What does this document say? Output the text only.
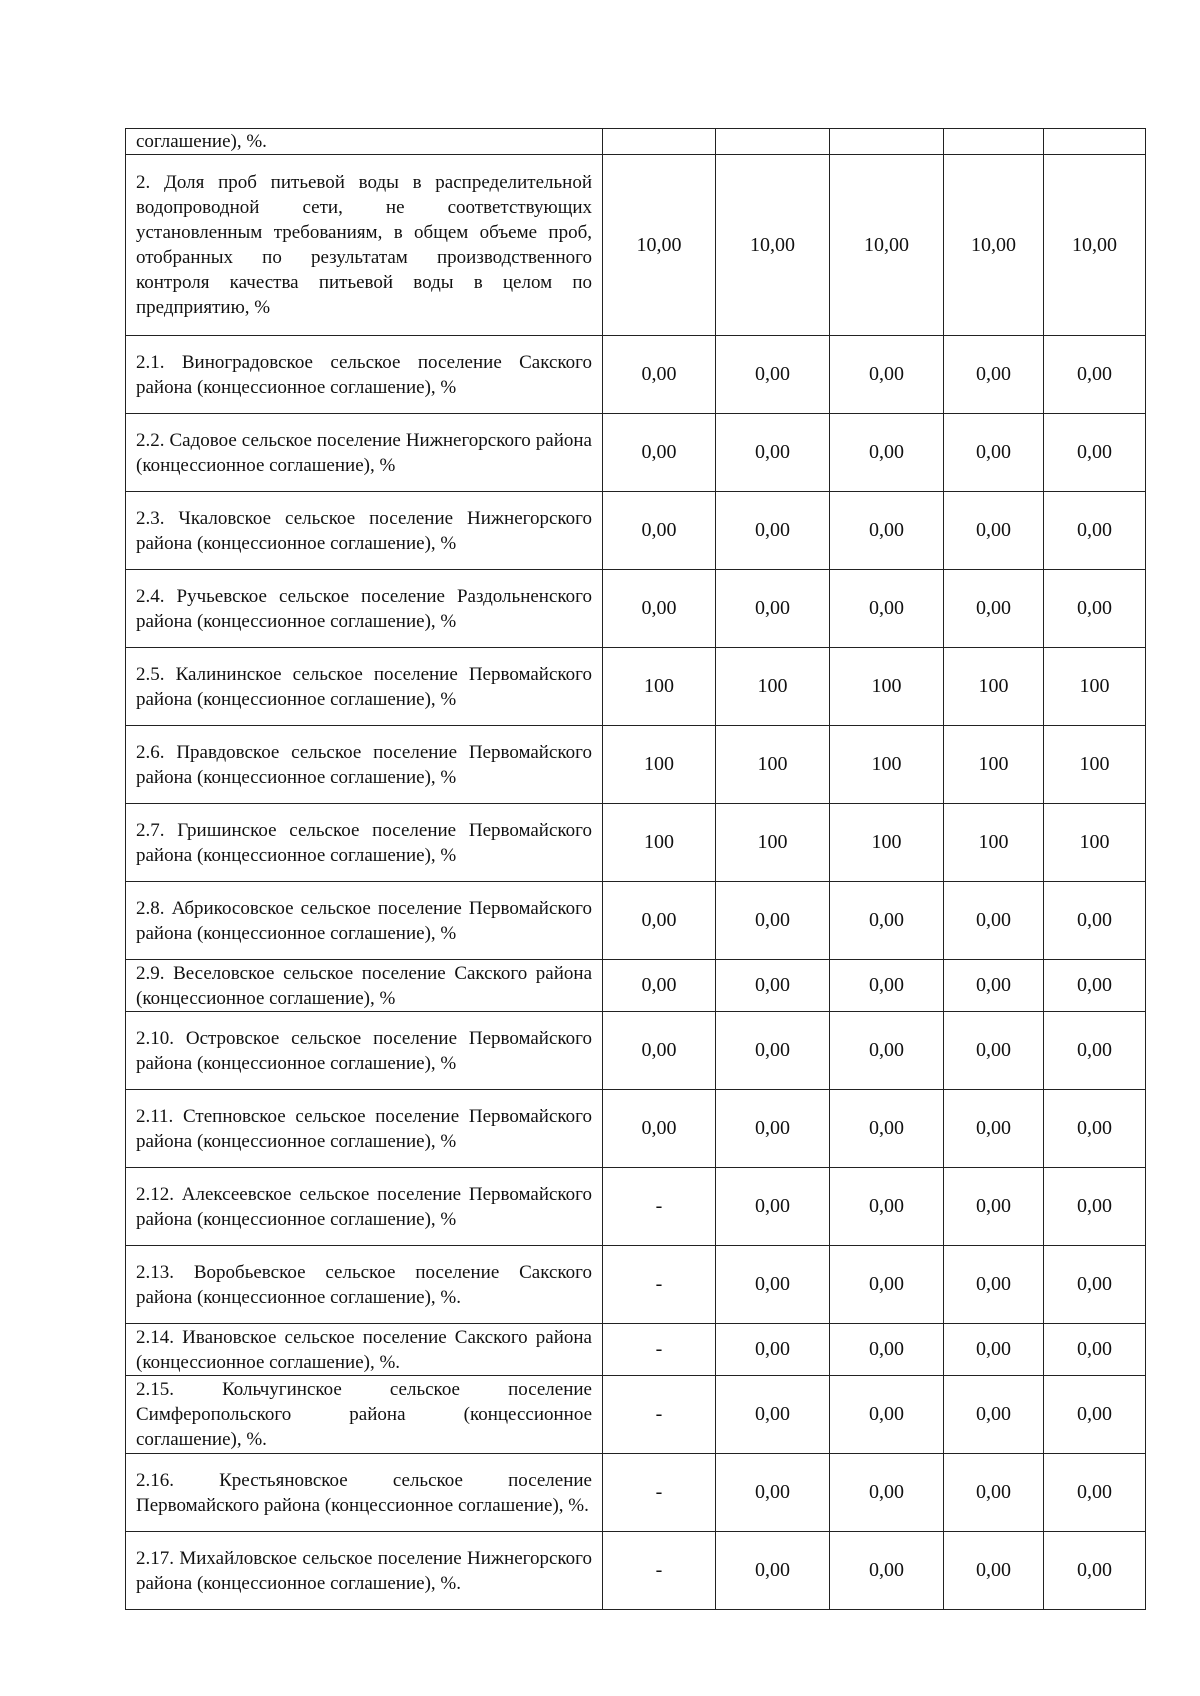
соглашение), %.					
2. Доля проб питьевой воды в распределительной водопроводной сети, не соответствующих установленным требованиям, в общем объеме проб, отобранных по результатам производственного контроля качества питьевой воды в целом по предприятию, %	10,00	10,00	10,00	10,00	10,00
2.1. Виноградовское сельское поселение Сакского района (концессионное соглашение), %	0,00	0,00	0,00	0,00	0,00
2.2. Садовое сельское поселение Нижнегорского района (концессионное соглашение), %	0,00	0,00	0,00	0,00	0,00
2.3. Чкаловское сельское поселение Нижнегорского района (концессионное соглашение), %	0,00	0,00	0,00	0,00	0,00
2.4. Ручьевское сельское поселение Раздольненского района (концессионное соглашение), %	0,00	0,00	0,00	0,00	0,00
2.5. Калининское сельское поселение Первомайского района (концессионное соглашение), %	100	100	100	100	100
2.6. Правдовское сельское поселение Первомайского района (концессионное соглашение), %	100	100	100	100	100
2.7. Гришинское сельское поселение Первомайского района (концессионное соглашение), %	100	100	100	100	100
2.8. Абрикосовское сельское поселение Первомайского района (концессионное соглашение), %	0,00	0,00	0,00	0,00	0,00
2.9. Веселовское сельское поселение Сакского района (концессионное соглашение), %	0,00	0,00	0,00	0,00	0,00
2.10. Островское сельское поселение Первомайского района (концессионное соглашение), %	0,00	0,00	0,00	0,00	0,00
2.11. Степновское сельское поселение Первомайского района (концессионное соглашение), %	0,00	0,00	0,00	0,00	0,00
2.12. Алексеевское сельское поселение Первомайского района (концессионное соглашение), %	-	0,00	0,00	0,00	0,00
2.13. Воробьевское сельское поселение Сакского района (концессионное соглашение), %.	-	0,00	0,00	0,00	0,00
2.14. Ивановское сельское поселение Сакского района (концессионное соглашение), %.	-	0,00	0,00	0,00	0,00
2.15. Кольчугинское сельское поселение Симферопольского района (концессионное соглашение), %.	-	0,00	0,00	0,00	0,00
2.16. Крестьяновское сельское поселение Первомайского района (концессионное соглашение), %.	-	0,00	0,00	0,00	0,00
2.17. Михайловское сельское поселение Нижнегорского района (концессионное соглашение), %.	-	0,00	0,00	0,00	0,00
